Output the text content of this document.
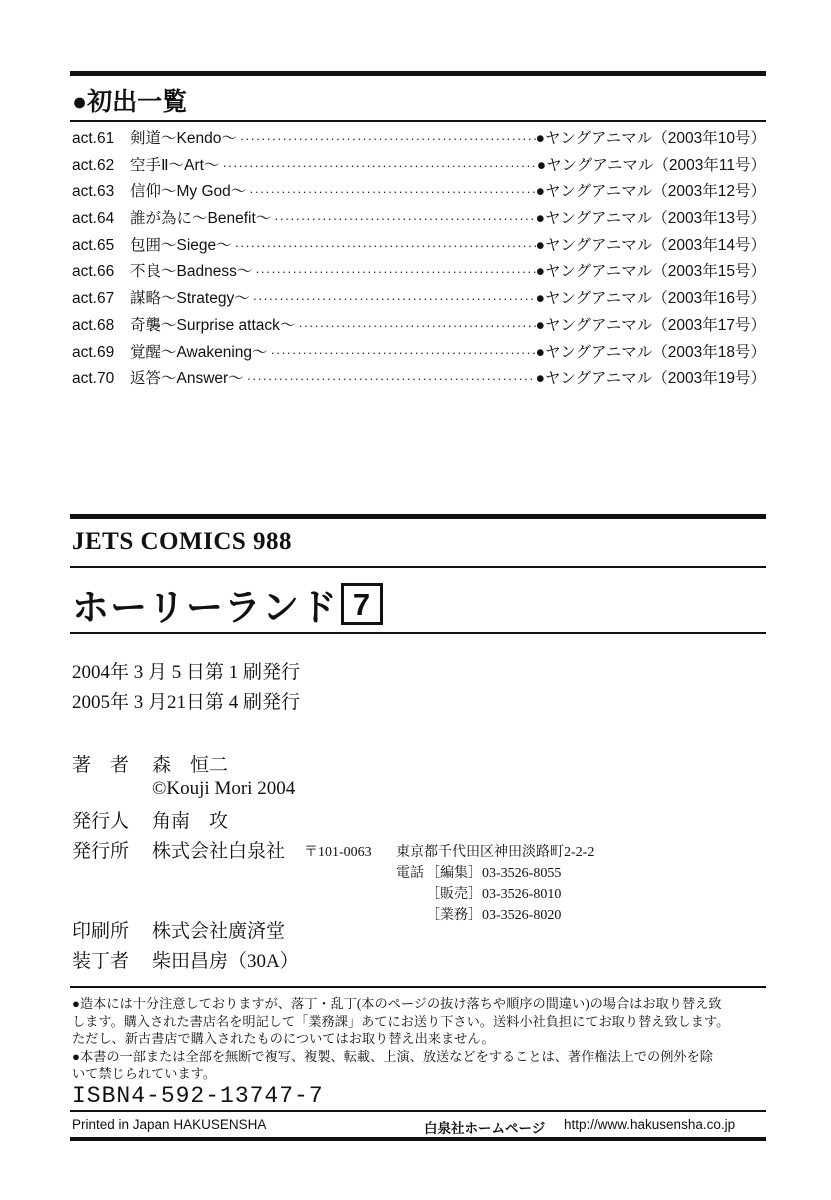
●初出一覧
act.61	剣道～Kendo～ ·····	●ヤングアニマル（2003年10号）
act.62	空手Ⅱ～Art～ ·····	●ヤングアニマル（2003年11号）
act.63	信仰～My God～ ·····	●ヤングアニマル（2003年12号）
act.64	誰が為に～Benefit～ ·····	●ヤングアニマル（2003年13号）
act.65	包囲～Siege～ ·····	●ヤングアニマル（2003年14号）
act.66	不良～Badness～ ·····	●ヤングアニマル（2003年15号）
act.67	謀略～Strategy～ ·····	●ヤングアニマル（2003年16号）
act.68	奇襲～Surprise attack～ ·····	●ヤングアニマル（2003年17号）
act.69	覚醒～Awakening～ ·····	●ヤングアニマル（2003年18号）
act.70	返答～Answer～ ·····	●ヤングアニマル（2003年19号）
JETS COMICS 988
ホーリーランド 7
2004年 3 月 5 日第 1 刷発行
2005年 3 月21日第 4 刷発行
著　者 森　恒二
©Kouji Mori 2004
発行人 角南　攻
発行所 株式会社白泉社 〒101-0063 東京都千代田区神田淡路町2-2-2
電話 ［編集］03-3526-8055
［販売］03-3526-8010
［業務］03-3526-8020
印刷所 株式会社廣済堂
装丁者 柴田昌房（30A）
●造本には十分注意しておりますが、落丁・乱丁(本のページの抜け落ちや順序の間違い)の場合はお取り替え致
します。購入された書店名を明記して「業務課」あてにお送り下さい。送料小社負担にてお取り替え致します。
ただし、新古書店で購入されたものについてはお取り替え出来ません。
●本書の一部または全部を無断で複写、複製、転載、上演、放送などをすることは、著作権法上での例外を除
いて禁じられています。
ISBN4-592-13747-7
Printed in Japan HAKUSENSHA	白泉社ホームページ http://www.hakusensha.co.jp
